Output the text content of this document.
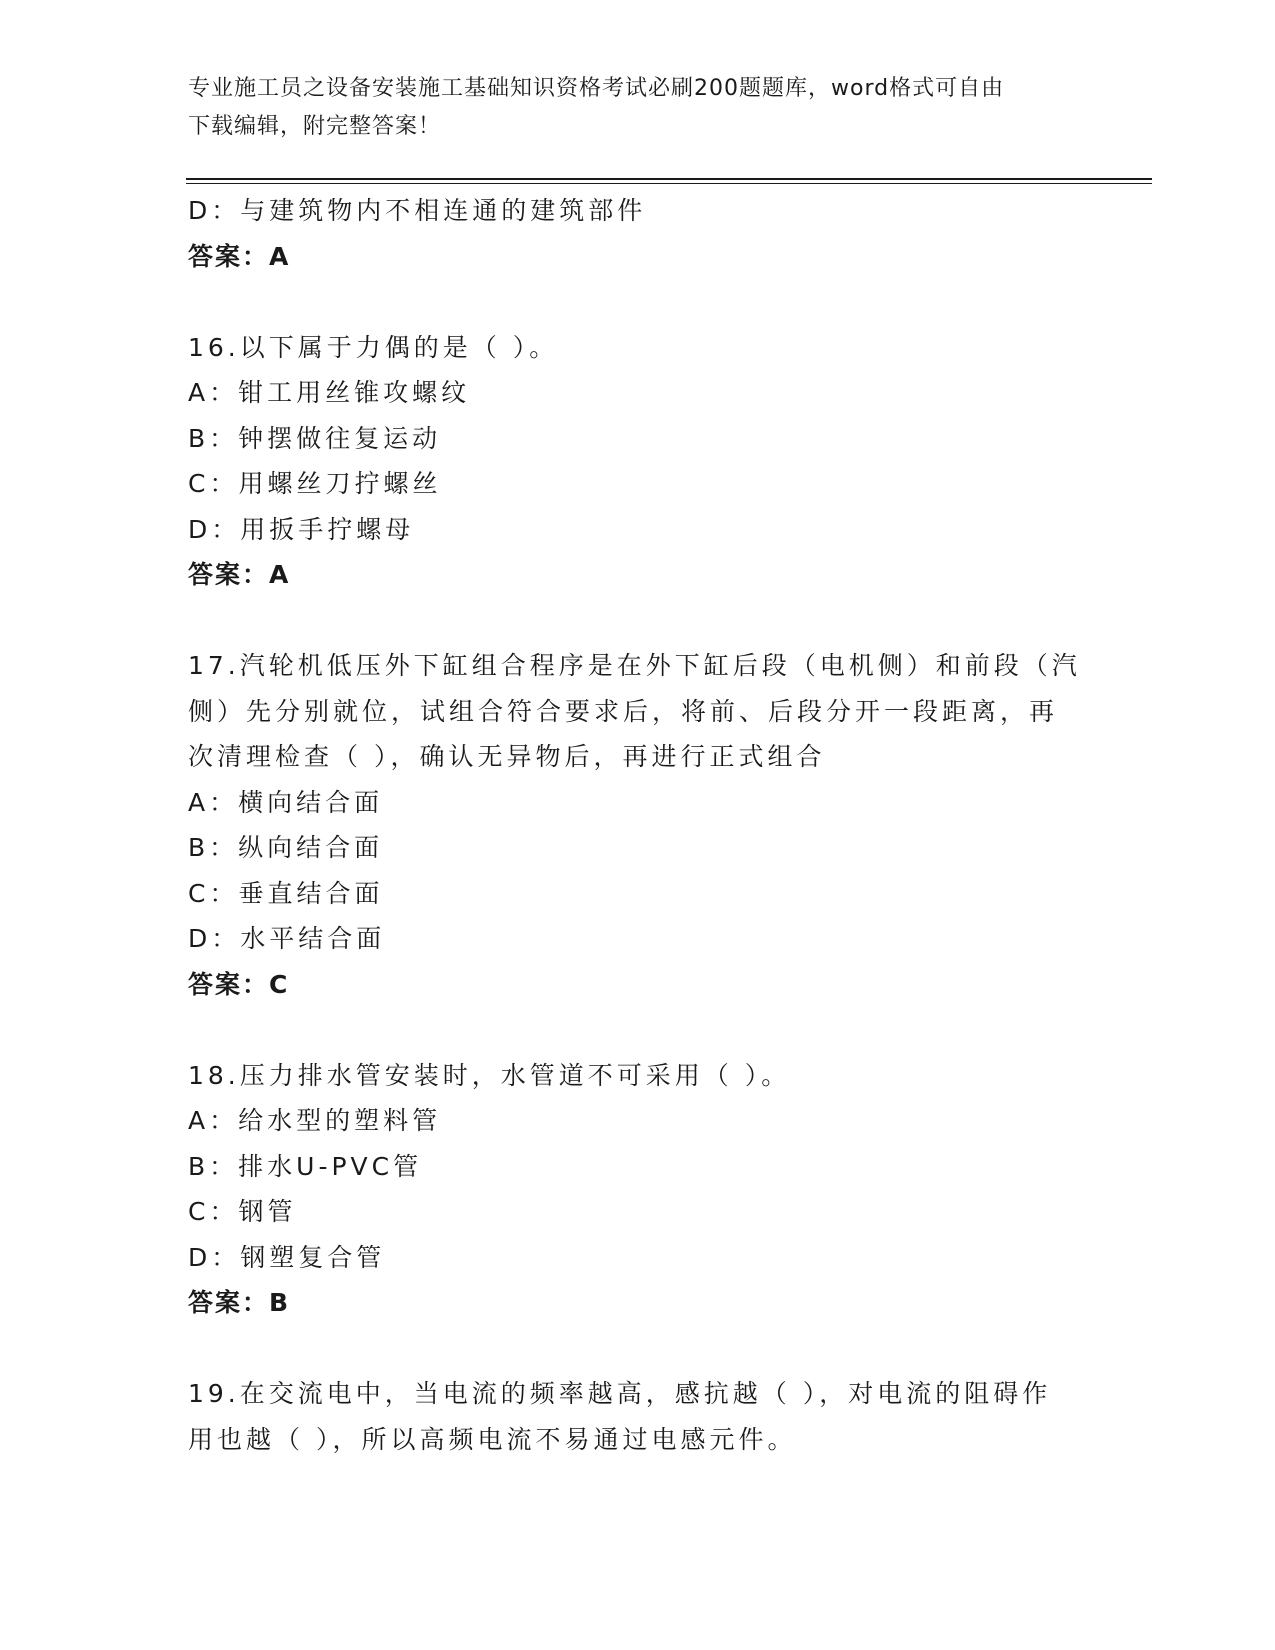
专业施工员之设备安装施工基础知识资格考试必刷200题题库，word格式可自由
下载编辑，附完整答案！
D：与建筑物内不相连通的建筑部件
答案：A
16.以下属于力偶的是（ ）。
A：钳工用丝锥攻螺纹
B：钟摆做往复运动
C：用螺丝刀拧螺丝
D：用扳手拧螺母
答案：A
17.汽轮机低压外下缸组合程序是在外下缸后段（电机侧）和前段（汽
侧）先分别就位，试组合符合要求后，将前、后段分开一段距离，再
次清理检查（ ），确认无异物后，再进行正式组合
A：横向结合面
B：纵向结合面
C：垂直结合面
D：水平结合面
答案：C
18.压力排水管安装时，水管道不可采用（ ）。
A：给水型的塑料管
B：排水U-PVC管
C：钢管
D：钢塑复合管
答案：B
19.在交流电中，当电流的频率越高，感抗越（ ），对电流的阻碍作
用也越（ ），所以高频电流不易通过电感元件。
